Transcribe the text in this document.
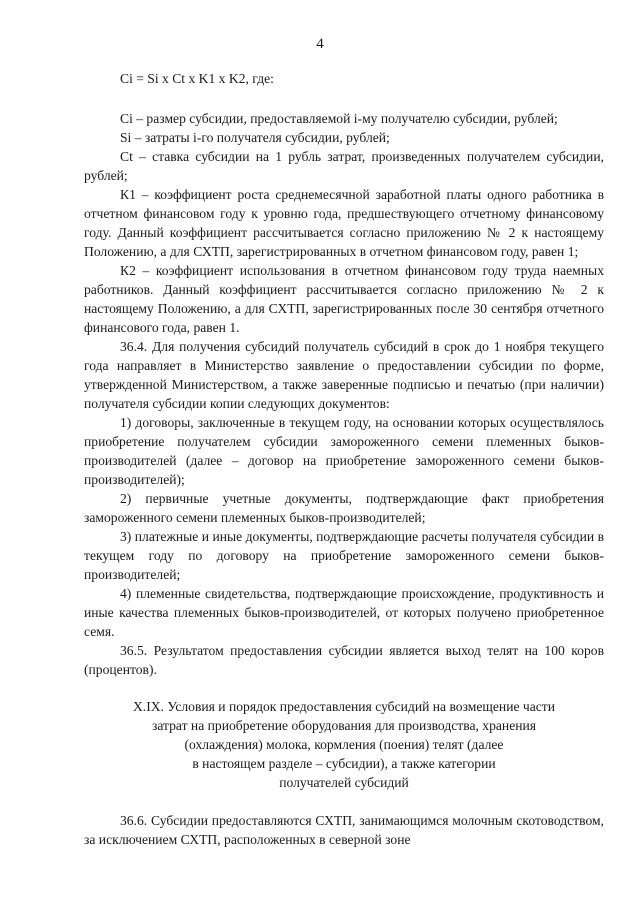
4

Ci = Si x Ct x K1 x K2, где:

Ci – размер субсидии, предоставляемой i-му получателю субсидии, рублей;

Si – затраты i-го получателя субсидии, рублей;

Ct – ставка субсидии на 1 рубль затрат, произведенных получателем субсидии, рублей;

К1 – коэффициент роста среднемесячной заработной платы одного работника в отчетном финансовом году к уровню года, предшествующего отчетному финансовому году. Данный коэффициент рассчитывается согласно приложению № 2 к настоящему Положению, а для СХТП, зарегистрированных в отчетном финансовом году, равен 1;

К2 – коэффициент использования в отчетном финансовом году труда наемных работников. Данный коэффициент рассчитывается согласно приложению № 2 к настоящему Положению, а для СХТП, зарегистрированных после 30 сентября отчетного финансового года, равен 1.

36.4. Для получения субсидий получатель субсидий в срок до 1 ноября текущего года направляет в Министерство заявление о предоставлении субсидии по форме, утвержденной Министерством, а также заверенные подписью и печатью (при наличии) получателя субсидии копии следующих документов:

1) договоры, заключенные в текущем году, на основании которых осуществлялось приобретение получателем субсидии замороженного семени племенных быков-производителей (далее – договор на приобретение замороженного семени быков-производителей);

2) первичные учетные документы, подтверждающие факт приобретения замороженного семени племенных быков-производителей;

3) платежные и иные документы, подтверждающие расчеты получателя субсидии в текущем году по договору на приобретение замороженного семени быков-производителей;

4) племенные свидетельства, подтверждающие происхождение, продуктивность и иные качества племенных быков-производителей, от которых получено приобретенное семя.

36.5. Результатом предоставления субсидии является выход телят на 100 коров (процентов).

X.IX. Условия и порядок предоставления субсидий на возмещение части
затрат на приобретение оборудования для производства, хранения
(охлаждения) молока, кормления (поения) телят (далее
в настоящем разделе – субсидии), а также категории
получателей субсидий

36.6. Субсидии предоставляются СХТП, занимающимся молочным скотоводством, за исключением СХТП, расположенных в северной зоне
